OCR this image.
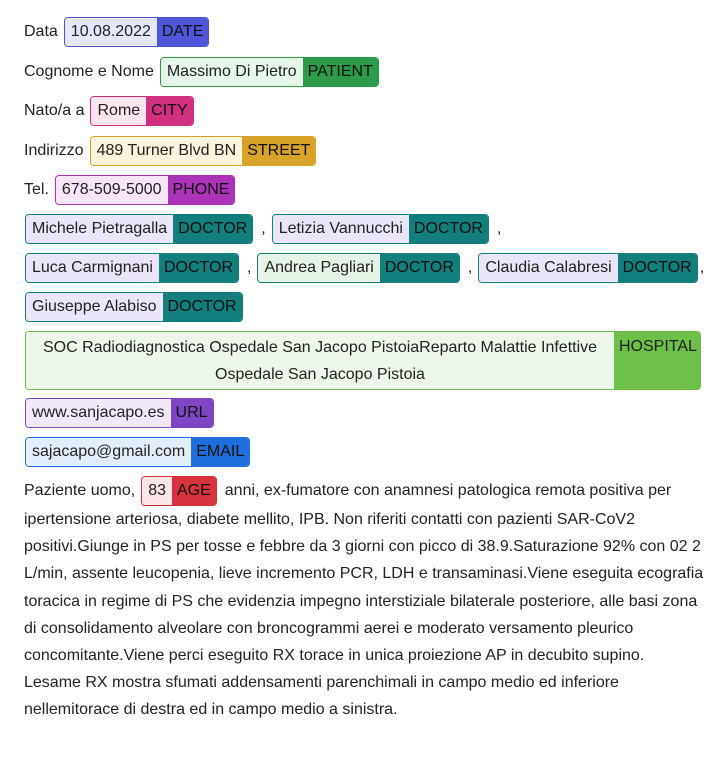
Data 10.08.2022 DATE
Cognome e Nome Massimo Di Pietro PATIENT
Nato/a a Rome CITY
Indirizzo 489 Turner Blvd BN STREET
Tel. 678-509-5000 PHONE
Michele Pietragalla DOCTOR , Letizia Vannucchi DOCTOR ,
Luca Carmignani DOCTOR , Andrea Pagliari DOCTOR , Claudia Calabresi DOCTOR ,
Giuseppe Alabiso DOCTOR
SOC Radiodiagnostica Ospedale San Jacopo PistoiaReparto Malattie Infettive Ospedale San Jacopo Pistoia
HOSPITAL
www.sanjacapo.es URL
sajacapo@gmail.com EMAIL
Paziente uomo, 83 AGE anni, ex-fumatore con anamnesi patologica remota positiva per ipertensione arteriosa, diabete mellito, IPB. Non riferiti contatti con pazienti SAR-CoV2 positivi.Giunge in PS per tosse e febbre da 3 giorni con picco di 38.9.Saturazione 92% con 02 2 L/min, assente leucopenia, lieve incremento PCR, LDH e transaminasi.Viene eseguita ecografia toracica in regime di PS che evidenzia impegno interstiziale bilaterale posteriore, alle basi zona di consolidamento alveolare con broncogrammi aerei e moderato versamento pleurico concomitante.Viene perci eseguito RX torace in unica proiezione AP in decubito supino.
Lesame RX mostra sfumati addensamenti parenchimali in campo medio ed inferiore nellemitorace di destra ed in campo medio a sinistra.
